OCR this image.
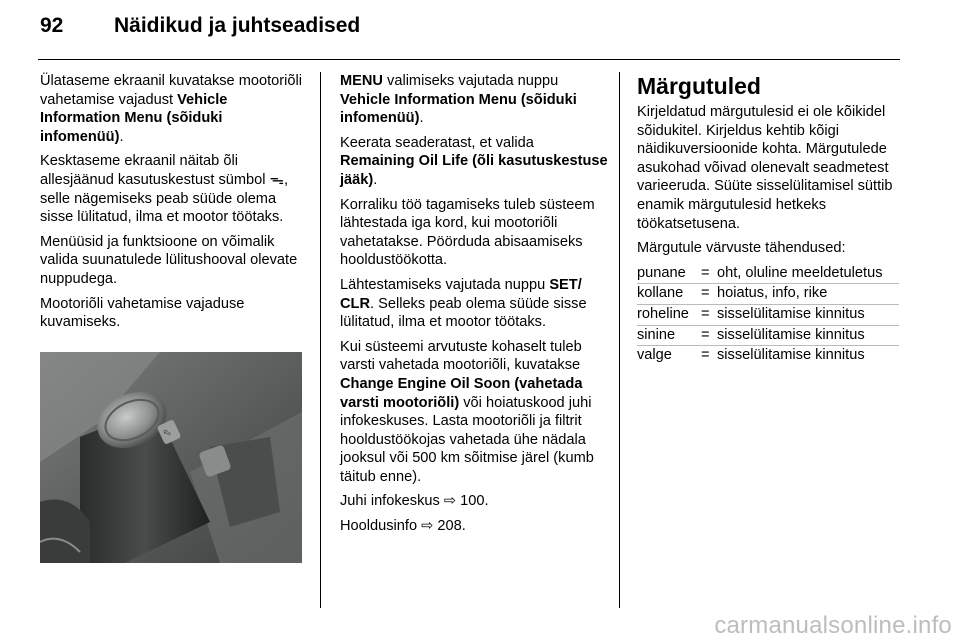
92 Näidikud ja juhtseadised

Ülataseme ekraanil kuvatakse mootoriõli vahetamise vajadust Vehicle Information Menu (sõiduki infomenüü).

Kesktaseme ekraanil näitab õli allesjäänud kasutuskestust sümbol ᯓ, selle nägemiseks peab süüde olema sisse lülitatud, ilma et mootor töötaks.

Menüüsid ja funktsioone on võimalik valida suunatulede lülitushooval olevate nuppudega.

Mootoriõli vahetamise vajaduse kuvamiseks.

⇧

MENU valimiseks vajutada nuppu Vehicle Information Menu (sõiduki infomenüü).

Keerata seaderatast, et valida Remaining Oil Life (õli kasutuskestuse jääk).

Korraliku töö tagamiseks tuleb süsteem lähtestada iga kord, kui mootoriõli vahetatakse. Pöörduda abisaamiseks hooldustöökotta.

Lähtestamiseks vajutada nuppu SET/ CLR. Selleks peab olema süüde sisse lülitatud, ilma et mootor töötaks.

Kui süsteemi arvutuste kohaselt tuleb varsti vahetada mootoriõli, kuvatakse Change Engine Oil Soon (vahetada varsti mootoriõli) või hoiatuskood juhi infokeskuses. Lasta mootoriõli ja filtrit hooldustöökojas vahetada ühe nädala jooksul või 500 km sõitmise järel (kumb täitub enne).

Juhi infokeskus ⇨ 100.

Hooldusinfo ⇨ 208.

Märgutuled

Kirjeldatud märgutulesid ei ole kõikidel sõidukitel. Kirjeldus kehtib kõigi näidikuversioonide kohta. Märgutulede asukohad võivad olenevalt seadmetest varieeruda. Süüte sisselülitamisel süttib enamik märgutulesid hetkeks töökatsetusena.

Märgutule värvuste tähendused:

punane	=	oht, oluline meeldetuletus
kollane	=	hoiatus, info, rike
roheline	=	sisselülitamise kinnitus
sinine	=	sisselülitamise kinnitus
valge	=	sisselülitamise kinnitus
carmanualsonline.info
